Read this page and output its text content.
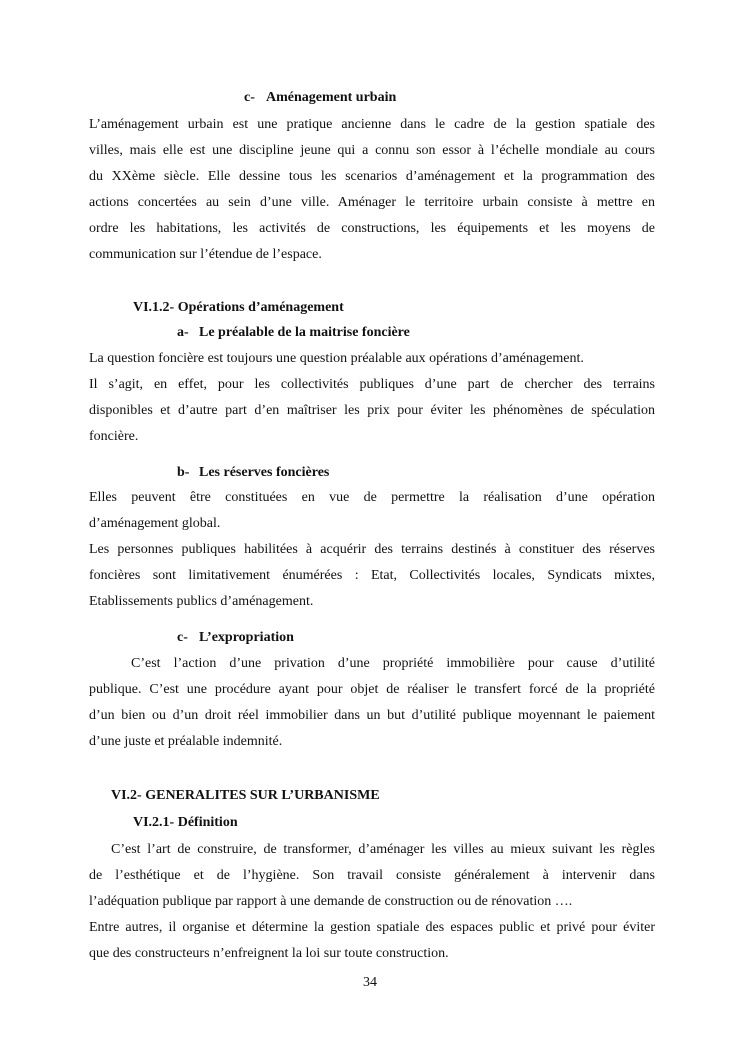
c- Aménagement urbain
L’aménagement urbain est une pratique ancienne dans le cadre de la gestion spatiale des
villes, mais elle est une discipline jeune qui a connu son essor à l’échelle mondiale au cours
du XXème siècle. Elle dessine tous les scenarios d’aménagement et la programmation des
actions concertées au sein d’une ville. Aménager le territoire urbain consiste à mettre en
ordre les habitations, les activités de constructions, les équipements et les moyens de
communication sur l’étendue de l’espace.
VI.1.2- Opérations d’aménagement
a- Le préalable de la maitrise foncière
La question foncière est toujours une question préalable aux opérations d’aménagement.
Il s’agit, en effet, pour les collectivités publiques d’une part de chercher des terrains
disponibles et d’autre part d’en maîtriser les prix pour éviter les phénomènes de spéculation
foncière.
b- Les réserves foncières
Elles peuvent être constituées en vue de permettre la réalisation d’une opération
d’aménagement global.
Les personnes publiques habilitées à acquérir des terrains destinés à constituer des réserves
foncières sont limitativement énumérées : Etat, Collectivités locales, Syndicats mixtes,
Etablissements publics d’aménagement.
c- L’expropriation
C’est l’action d’une privation d’une propriété immobilière pour cause d’utilité
publique. C’est une procédure ayant pour objet de réaliser le transfert forcé de la propriété
d’un bien ou d’un droit réel immobilier dans un but d’utilité publique moyennant le paiement
d’une juste et préalable indemnité.
VI.2- GENERALITES SUR L’URBANISME
VI.2.1- Définition
C’est l’art de construire, de transformer, d’aménager les villes au mieux suivant les règles
de l’esthétique et de l’hygiène. Son travail consiste généralement à intervenir dans
l’adéquation publique par rapport à une demande de construction ou de rénovation ….
Entre autres, il organise et détermine la gestion spatiale des espaces public et privé pour éviter
que des constructeurs n’enfreignent la loi sur toute construction.
34
